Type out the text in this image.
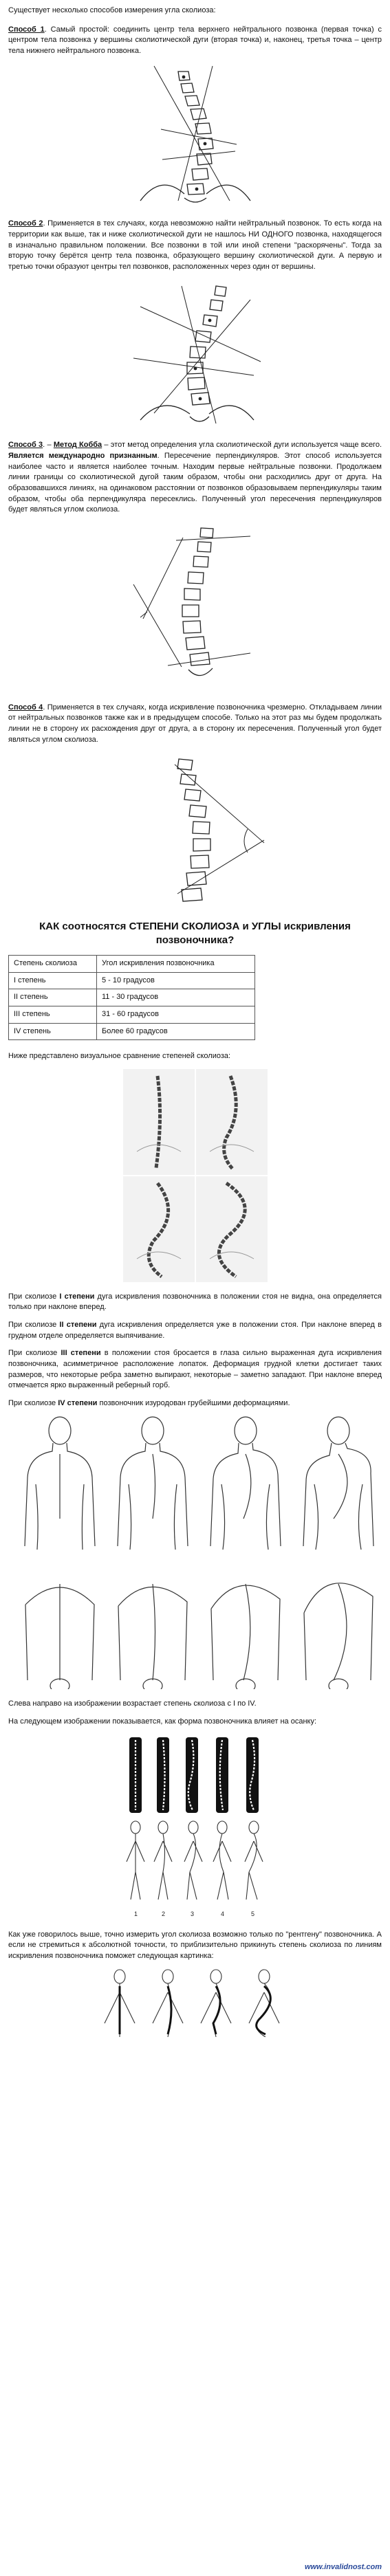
Существует несколько способов измерения угла сколиоза:

Способ 1. Самый простой: соединить центр тела верхнего нейтрального позвонка (первая точка) с центром тела позвонка у вершины сколиотической дуги (вторая точка) и, наконец, третья точка – центр тела нижнего нейтрального позвонка.

Способ 2. Применяется в тех случаях, когда невозможно найти нейтральный позвонок. То есть когда на территории как выше, так и ниже сколиотической дуги не нашлось НИ ОДНОГО позвонка, находящегося в изначально правильном положении. Все позвонки в той или иной степени "раскорячены". Тогда за вторую точку берётся центр тела позвонка, образующего вершину сколиотической дуги. А первую и третью точки образуют центры тел позвонков, расположенных через один от вершины.

Способ 3. – Метод Кобба – этот метод определения угла сколиотической дуги используется чаще всего. Является международно признанным. Пересечение перпендикуляров. Этот способ используется наиболее часто и является наиболее точным. Находим первые нейтральные позвонки. Продолжаем линии границы со сколиотической дугой таким образом, чтобы они расходились друг от друга. На образовавшихся линиях, на одинаковом расстоянии от позвонков образовываем перпендикуляры таким образом, чтобы оба перпендикуляра пересеклись. Полученный угол пересечения перпендикуляров будет являться углом сколиоза.

Способ 4. Применяется в тех случаях, когда искривление позвоночника чрезмерно. Откладываем линии от нейтральных позвонков также как и в предыдущем способе. Только на этот раз мы будем продолжать линии не в сторону их расхождения друг от друга, а в сторону их пересечения. Полученный угол будет являться углом сколиоза.

КАК соотносятся СТЕПЕНИ СКОЛИОЗА и УГЛЫ искривления позвоночника?
Степень сколиоза	Угол искривления позвоночника
I степень	5 - 10 градусов
II степень	11 - 30 градусов
III степень	31 - 60 градусов
IV степень	Более 60 градусов

Ниже представлено визуальное сравнение степеней сколиоза:

При сколиозе I степени дуга искривления позвоночника в положении стоя не видна, она определяется только при наклоне вперед.

При сколиозе II степени дуга искривления определяется уже в положении стоя. При наклоне вперед в грудном отделе определяется выпячивание.

При сколиозе III степени в положении стоя бросается в глаза сильно выраженная дуга искривления позвоночника, асимметричное расположение лопаток. Деформация грудной клетки достигает таких размеров, что некоторые ребра заметно выпирают, некоторые – заметно западают. При наклоне вперед отмечается ярко выраженный реберный горб.

При сколиозе IV степени позвоночник изуродован грубейшими деформациями.

Слева направо на изображении возрастает степень сколиоза с I по IV.

На следующем изображении показывается, как форма позвоночника влияет на осанку:

1	2	3	4	5

Как уже говорилось выше, точно измерить угол сколиоза возможно только по "рентгену" позвоночника. А если не стремиться к абсолютной точности, то приблизительно прикинуть степень сколиоза по линиям искривления позвоночника поможет следующая картинка:

www.invalidnost.com
